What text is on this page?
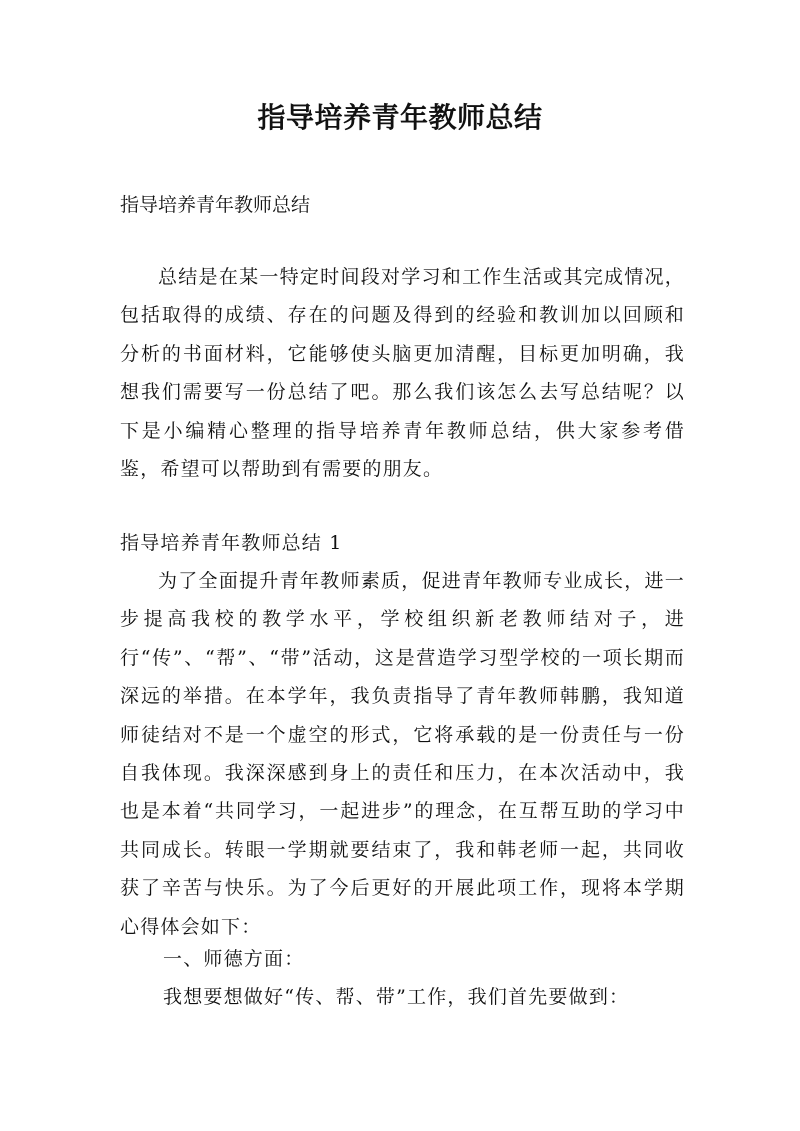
指导培养青年教师总结

指导培养青年教师总结

总结是在某一特定时间段对学习和工作生活或其完成情况，包括取得的成绩、存在的问题及得到的经验和教训加以回顾和分析的书面材料，它能够使头脑更加清醒，目标更加明确，我想我们需要写一份总结了吧。那么我们该怎么去写总结呢？以下是小编精心整理的指导培养青年教师总结，供大家参考借鉴，希望可以帮助到有需要的朋友。

指导培养青年教师总结 1

为了全面提升青年教师素质，促进青年教师专业成长，进一步提高我校的教学水平，学校组织新老教师结对子，进行“传”、“帮”、“带”活动，这是营造学习型学校的一项长期而深远的举措。在本学年，我负责指导了青年教师韩鹏，我知道师徒结对不是一个虚空的形式，它将承载的是一份责任与一份自我体现。我深深感到身上的责任和压力，在本次活动中，我也是本着“共同学习，一起进步”的理念，在互帮互助的学习中共同成长。转眼一学期就要结束了，我和韩老师一起，共同收获了辛苦与快乐。为了今后更好的开展此项工作，现将本学期心得体会如下：

一、师德方面：

我想要想做好“传、帮、带”工作，我们首先要做到：
